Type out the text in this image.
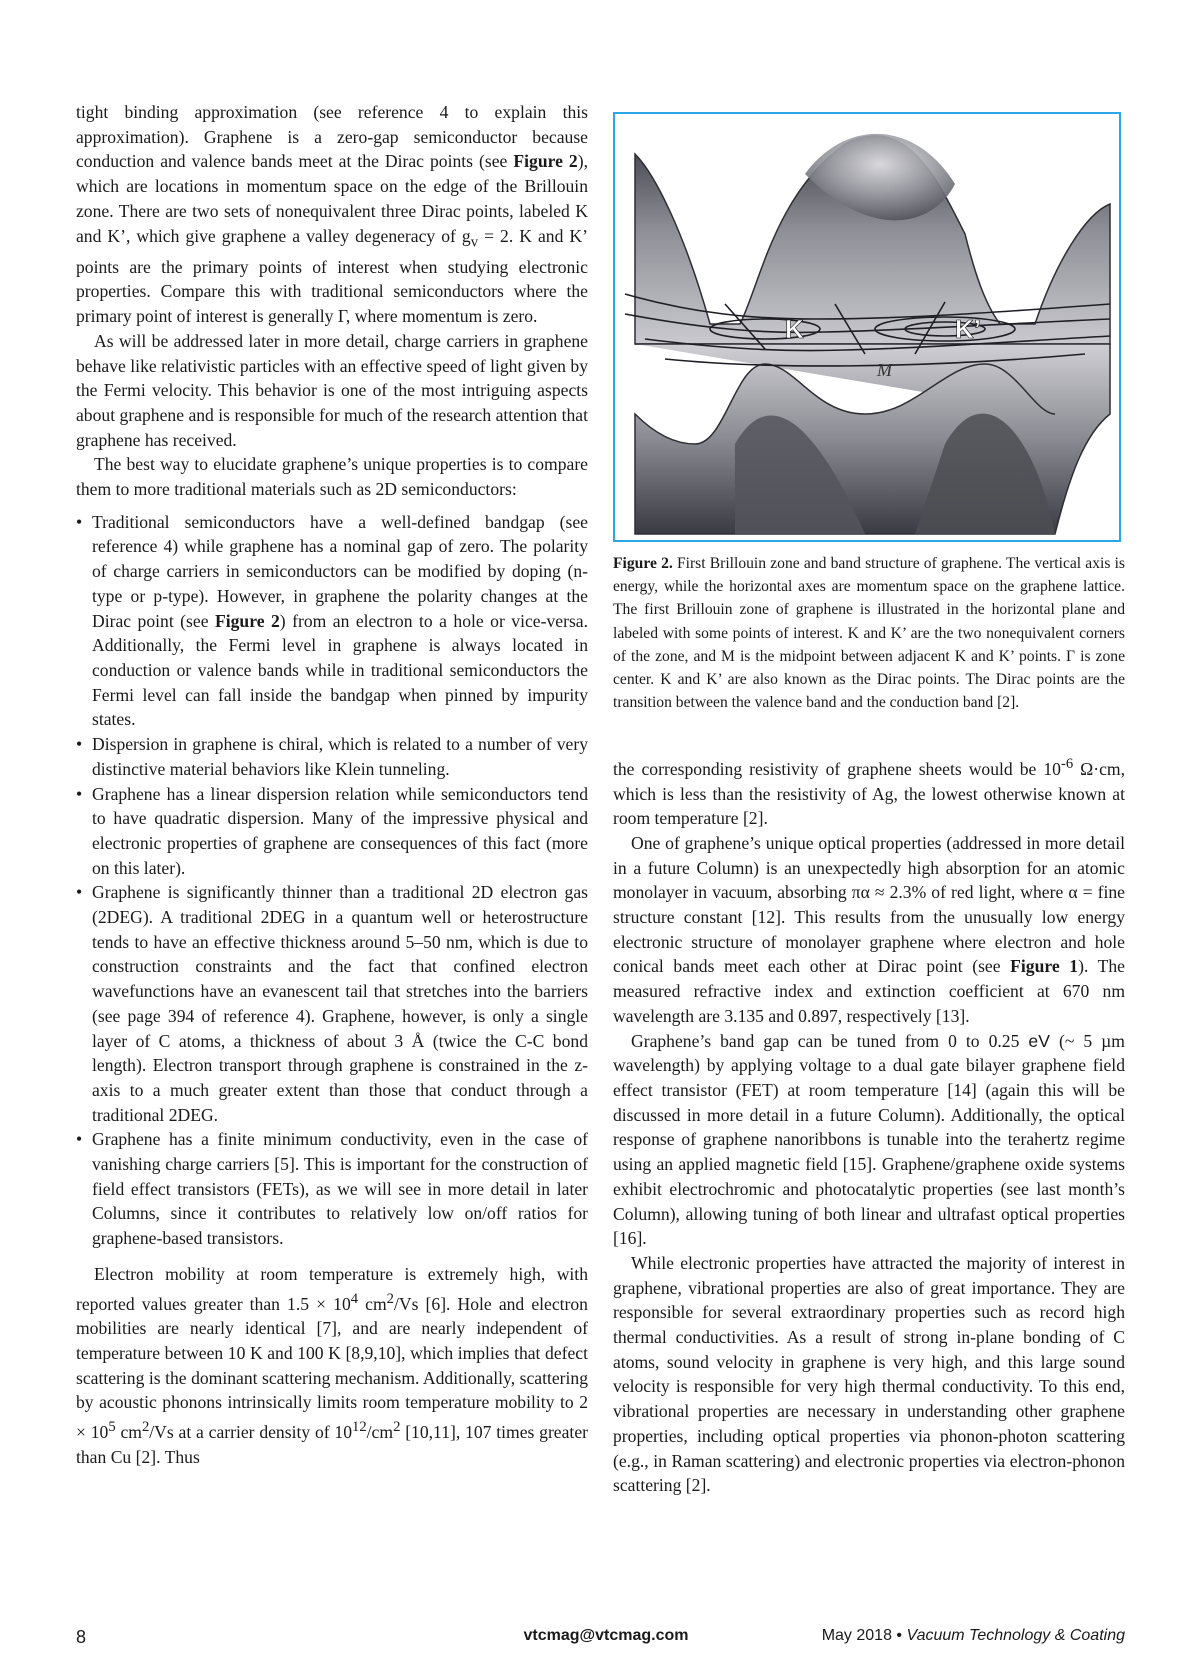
tight binding approximation (see reference 4 to explain this approximation). Graphene is a zero-gap semiconductor because conduction and valence bands meet at the Dirac points (see Figure 2), which are locations in momentum space on the edge of the Brillouin zone. There are two sets of nonequivalent three Dirac points, labeled K and K’, which give graphene a valley degeneracy of $g_v = 2$. K and K’ points are the primary points of interest when studying electronic properties. Compare this with traditional semiconductors where the primary point of interest is generally Γ, where momentum is zero.

As will be addressed later in more detail, charge carriers in graphene behave like relativistic particles with an effective speed of light given by the Fermi velocity. This behavior is one of the most intriguing aspects about graphene and is responsible for much of the research attention that graphene has received.

The best way to elucidate graphene’s unique properties is to compare them to more traditional materials such as 2D semiconductors:

• Traditional semiconductors have a well-defined bandgap (see reference 4) while graphene has a nominal gap of zero. The polarity of charge carriers in semiconductors can be modified by doping (n-type or p-type). However, in graphene the polarity changes at the Dirac point (see Figure 2) from an electron to a hole or vice-versa. Additionally, the Fermi level in graphene is always located in conduction or valence bands while in traditional semiconductors the Fermi level can fall inside the bandgap when pinned by impurity states.
• Dispersion in graphene is chiral, which is related to a number of very distinctive material behaviors like Klein tunneling.
• Graphene has a linear dispersion relation while semiconductors tend to have quadratic dispersion. Many of the impressive physical and electronic properties of graphene are consequences of this fact (more on this later).
• Graphene is significantly thinner than a traditional 2D electron gas (2DEG). A traditional 2DEG in a quantum well or heterostructure tends to have an effective thickness around 5–50 nm, which is due to construction constraints and the fact that confined electron wavefunctions have an evanescent tail that stretches into the barriers (see page 394 of reference 4). Graphene, however, is only a single layer of C atoms, a thickness of about 3 Å (twice the C-C bond length). Electron transport through graphene is constrained in the z-axis to a much greater extent than those that conduct through a traditional 2DEG.
• Graphene has a finite minimum conductivity, even in the case of vanishing charge carriers [5]. This is important for the construction of field effect transistors (FETs), as we will see in more detail in later Columns, since it contributes to relatively low on/off ratios for graphene-based transistors.

Electron mobility at room temperature is extremely high, with reported values greater than $1.5 \times 10^4$ $cm^2/Vs$ [6]. Hole and electron mobilities are nearly identical [7], and are nearly independent of temperature between 10 K and 100 K [8,9,10], which implies that defect scattering is the dominant scattering mechanism. Additionally, scattering by acoustic phonons intrinsically limits room temperature mobility to $2 \times 10^5$ $cm^2/Vs$ at a carrier density of $10^{12}/cm^2$ [10,11], 107 times greater than Cu [2]. Thus

K	K’
M
Figure 2. First Brillouin zone and band structure of graphene. The vertical axis is energy, while the horizontal axes are momentum space on the graphene lattice. The first Brillouin zone of graphene is illustrated in the horizontal plane and labeled with some points of interest. K and K’ are the two nonequivalent corners of the zone, and M is the midpoint between adjacent K and K’ points. Γ is zone center. K and K’ are also known as the Dirac points. The Dirac points are the transition between the valence band and the conduction band [2].

the corresponding resistivity of graphene sheets would be $10^{-6}$ Ω·cm, which is less than the resistivity of Ag, the lowest otherwise known at room temperature [2].

One of graphene’s unique optical properties (addressed in more detail in a future Column) is an unexpectedly high absorption for an atomic monolayer in vacuum, absorbing πα ≈ 2.3% of red light, where α = fine structure constant [12]. This results from the unusually low energy electronic structure of monolayer graphene where electron and hole conical bands meet each other at Dirac point (see Figure 1). The measured refractive index and extinction coefficient at 670 nm wavelength are 3.135 and 0.897, respectively [13].

Graphene’s band gap can be tuned from 0 to 0.25 eV (~ 5 µm wavelength) by applying voltage to a dual gate bilayer graphene field effect transistor (FET) at room temperature [14] (again this will be discussed in more detail in a future Column). Additionally, the optical response of graphene nanoribbons is tunable into the terahertz regime using an applied magnetic field [15]. Graphene/graphene oxide systems exhibit electrochromic and photocatalytic properties (see last month’s Column), allowing tuning of both linear and ultrafast optical properties [16].

While electronic properties have attracted the majority of interest in graphene, vibrational properties are also of great importance. They are responsible for several extraordinary properties such as record high thermal conductivities. As a result of strong in-plane bonding of C atoms, sound velocity in graphene is very high, and this large sound velocity is responsible for very high thermal conductivity. To this end, vibrational properties are necessary in understanding other graphene properties, including optical properties via phonon-photon scattering (e.g., in Raman scattering) and electronic properties via electron-phonon scattering [2].

8	vtcmag@vtcmag.com	May 2018 • Vacuum Technology & Coating
